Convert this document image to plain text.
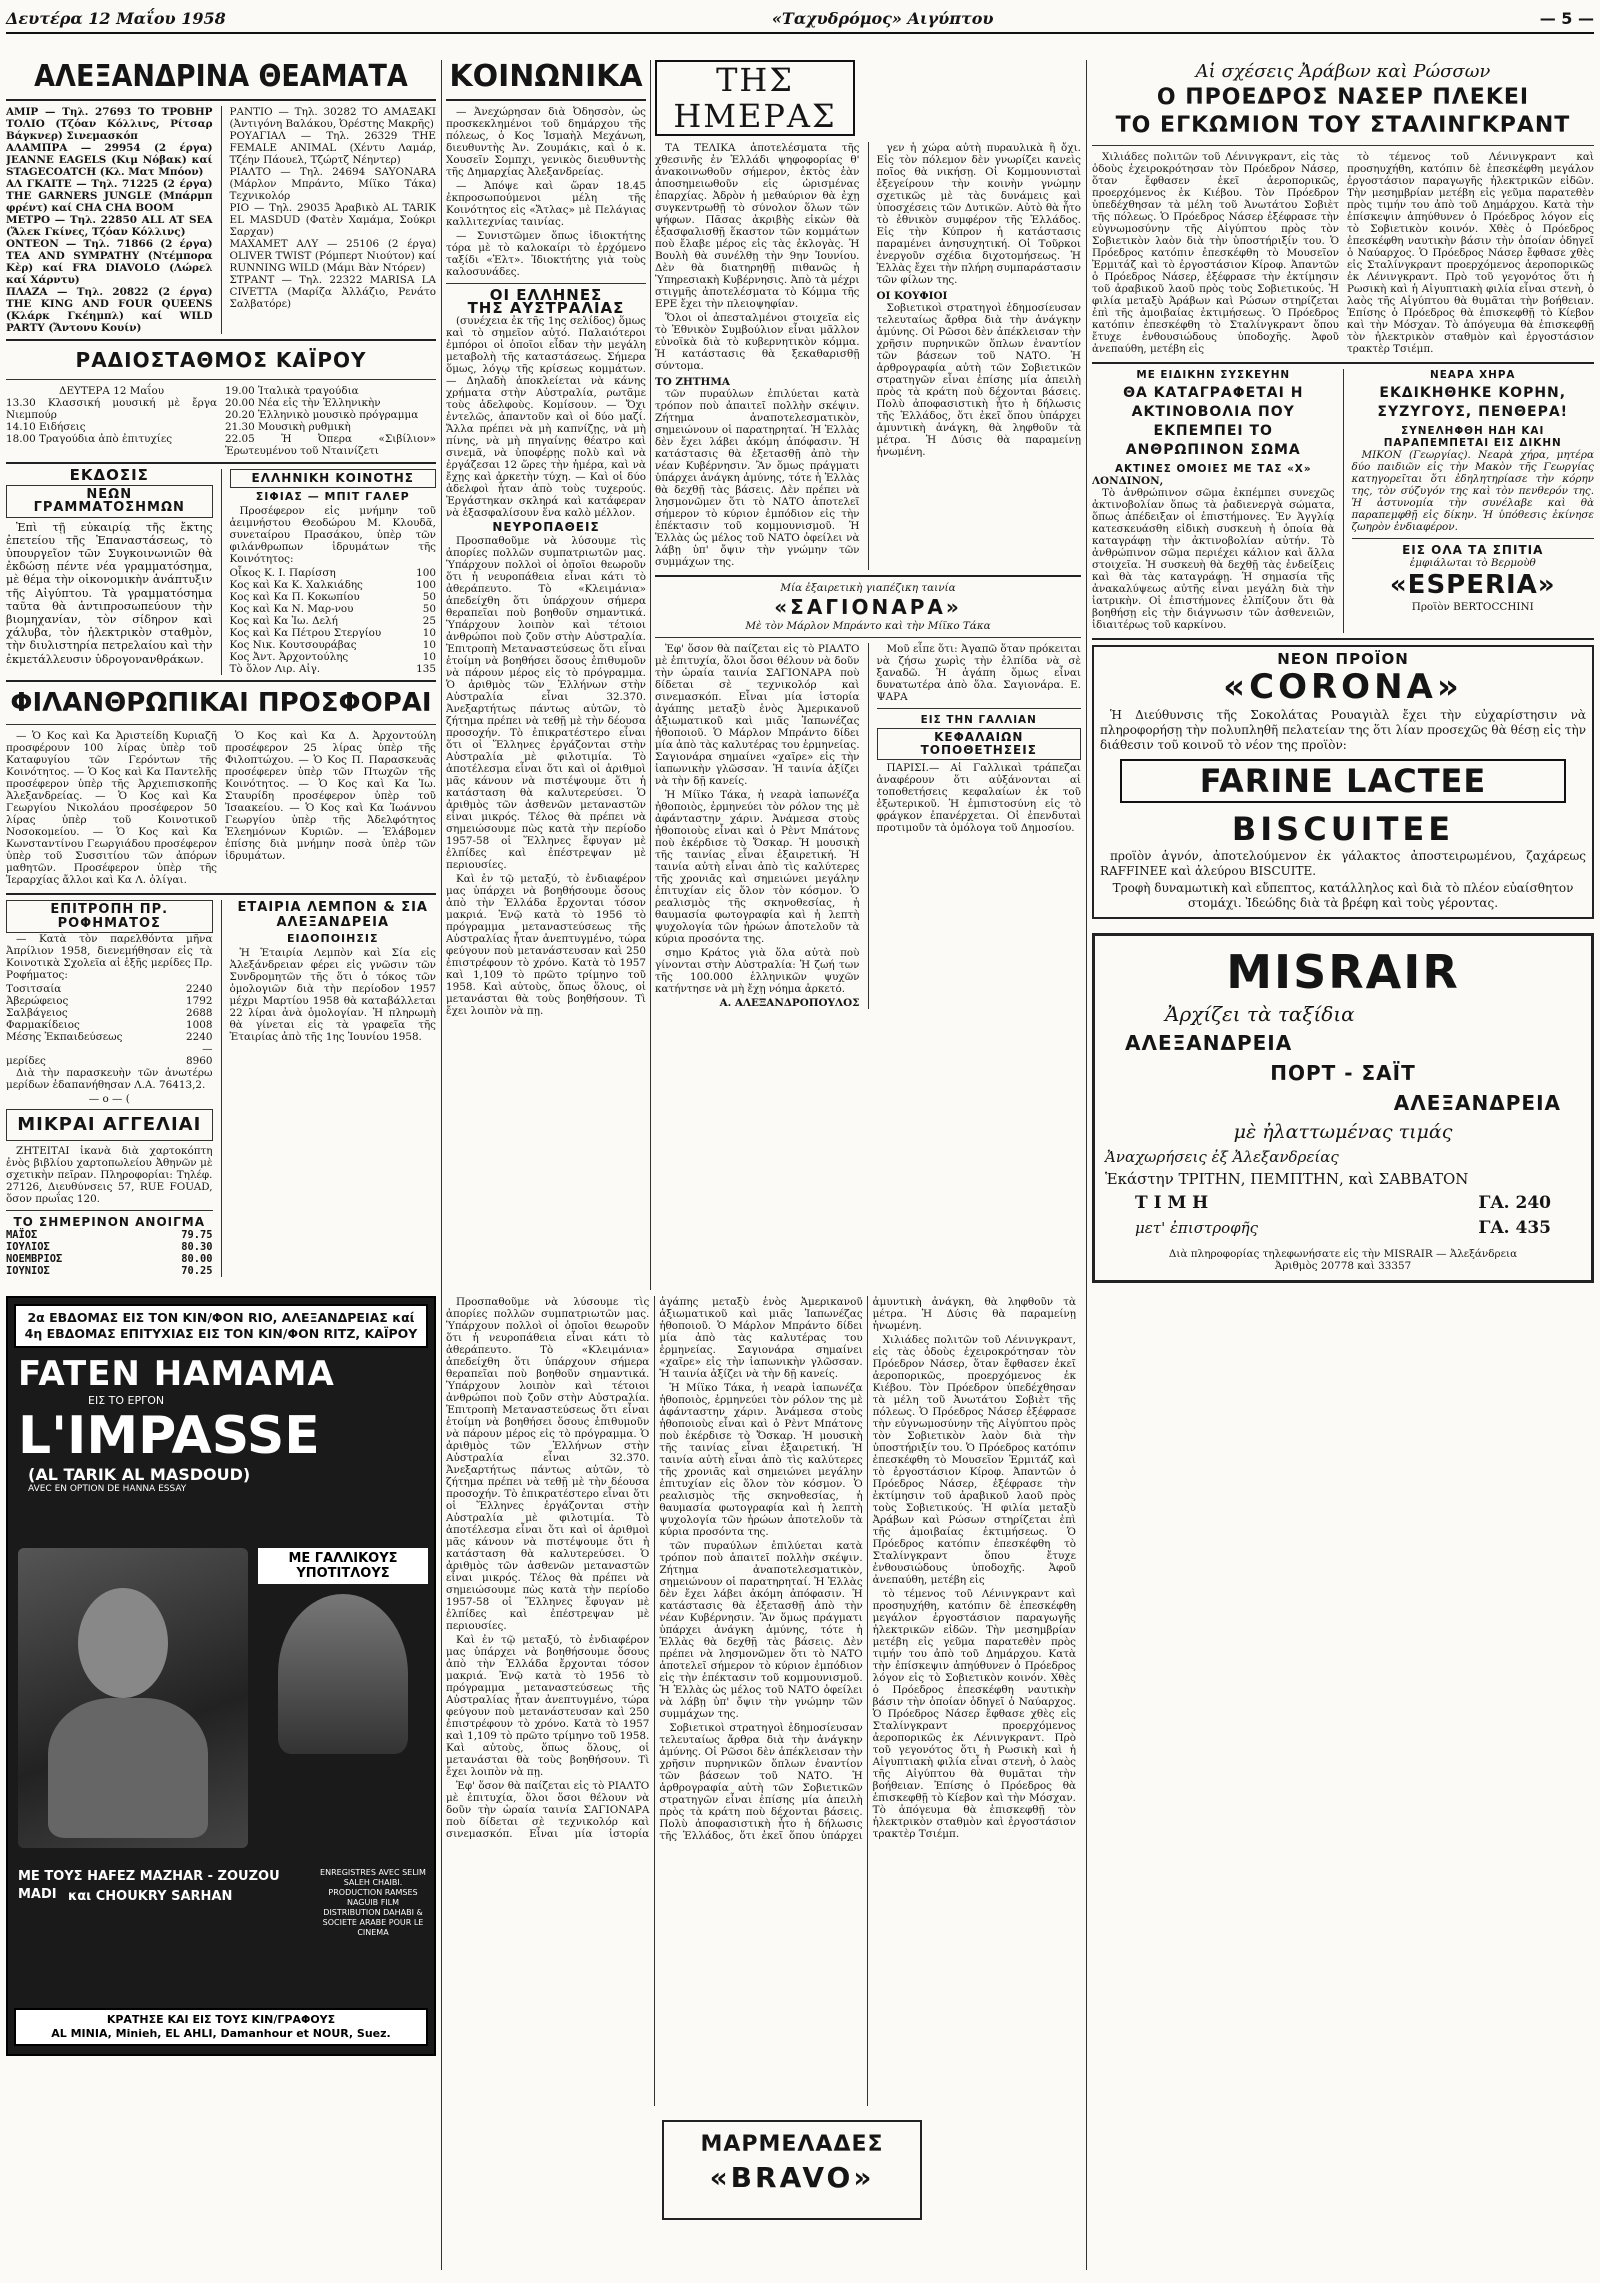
Δευτέρα 12 Μαΐου 1958	«Ταχυδρόμος» Αιγύπτου	— 5 —
ΑΛΕΞΑΝΔΡΙΝΑ ΘΕΑΜΑΤΑ
ΑΜΙΡ — Τηλ. 27693 ΤΟ ΤΡΟΒΗΡ ΤΟΛΙΟ (Τζόαν Κόλλινς, Ρίτσαρ Βάγκνερ) Σινεμασκόπ
ΑΛΑΜΠΡΑ — 29954 (2 έργα) JEANNE EAGELS (Κιμ Νόβακ) καί STAGECOATCH (Κλ. Ματ Μπόον)
ΑΛ ΓΚΑΙΤΕ — Τηλ. 71225 (2 έργα) THE GARNERS JUNGLE (Μπάρμπ φρέντ) καί CHA CHA BOOM
ΜΕΤΡΟ — Τηλ. 22850 ALL AT SEA (Ἄλεκ Γκίνες, Τζόαν Κόλλινς)
ΟΝΤΕΟΝ — Τηλ. 71866 (2 έργα) TEA AND SYMPATHY (Ντέμπορα Κὲρ) καί FRA DIAVOLO (Λώρελ καί Χάρντυ)
ΠΛΑΖΑ — Τηλ. 20822 (2 έργα) THE KING AND FOUR QUEENS (Κλάρκ Γκέημπλ) καί WILD PARTY (Ἄντονυ Κουίν)
ΡΑΝΤΙΟ — Τηλ. 30282 ΤΟ ΑΜΑΞΑΚΙ (Ἀντιγόνη Βαλάκου, Ὀρέστης Μακρῆς)
ΡΟΥΑΓΙΑΛ — Τηλ. 26329 THE FEMALE ANIMAL (Χέντυ Λαμάρ, Τζέην Πάουελ, Τζώρτζ Νέηντερ)
ΡΙΑΛΤΟ — Τηλ. 24694 SAYONARA (Μάρλον Μπράντο, Μίϊκο Τάκα) Τεχνικολόρ
ΡΙΟ — Τηλ. 29035 Ἀραβικὸ AL TARIK EL MASDUD (Φατὲν Χαμάμα, Σούκρι Σαρχαν)
ΜΑΧΑΜΕΤ ΑΛΥ — 25106 (2 έργα) OLIVER TWIST (Ρόμπερτ Νιούτον) καί RUNNING WILD (Μάμι Βὰν Ντόρεν)
ΣΤΡΑΝΤ — Τηλ. 22322 MARISA LA CIVETTA (Μαρίζα Ἀλλάζιο, Ρενάτο Σαλβατόρε)
ΡΑΔΙΟΣΤΑΘΜΟΣ ΚΑΪΡΟΥ
ΔΕΥΤΕΡΑ 12 Μαΐου
13.30 Κλασσική μουσική μὲ ἔργα Νιεμπούρ
14.10 Ειδήσεις
18.00 Τραγούδια ἀπὸ ἐπιτυχίες
19.00 Ἰταλικὰ τραγούδια
20.00 Νέα εἰς τὴν Ἑλληνικὴν
20.20 Ἑλληνικὸ μουσικὸ πρόγραμμα
21.30 Μουσικὴ ρυθμικὴ
22.05 Ἡ Ὀπερα «Σιβίλιον» Ἑρωτευμένου τοῦ Νταινίζετι
ΕΚΔΟΣΙΣ
ΝΕΩΝ ΓΡΑΜΜΑΤΟΣΗΜΩΝ
Ἐπὶ τῇ εὐκαιρίᾳ τῆς ἔκτης ἐπετείου τῆς Ἐπαναστάσεως, τὸ ὑπουργεῖον τῶν Συγκοινωνιῶν θὰ ἐκδώσῃ πέντε νέα γραμματόσημα, μὲ θέμα τὴν οἰκονομικὴν ἀνάπτυξιν τῆς Αἰγύπτου. Τὰ γραμματόσημα ταῦτα θὰ ἀντιπροσωπεύουν τὴν βιομηχανίαν, τὸν σίδηρον καὶ χάλυβα, τὸν ἠλεκτρικὸν σταθμὸν, τὴν διυλιστηρία πετρελαίου καὶ τὴν ἐκμετάλλευσιν ὑδρογονανθράκων.
ΕΛΛΗΝΙΚΗ ΚΟΙΝΟΤΗΣ
ΣΙΦΙΑΣ — ΜΠΙΤ ΓΑΛΕΡ
Προσέφερον εἰς μνήμην τοῦ ἀειμνήστου Θεοδώρου Μ. Κλουδᾶ, συνεταίρου Πρασάκου, ὑπὲρ τῶν φιλάνθρωπων ἱδρυμάτων τῆς Κοινότητος:
Οἶκος Κ. Ι. Παρίσση	100
Κος καὶ Κα Κ. Χαλκιάδης	100
Κος καὶ Κα Π. Κοκωπίου	50
Κος καὶ Κα Ν. Μαρ-νου	50
Κος καὶ Κα Ἰω. Δελή	25
Κος καὶ Κα Πέτρου Στεργίου	10
Κος Νικ. Κουτσουράβας	10
Κος Ἀντ. Ἀρχοντούλης	10
Τὸ ὅλον Λιρ. Αἰγ.	135
ΦΙΛΑΝΘΡΩΠΙΚΑΙ ΠΡΟΣΦΟΡΑΙ
— Ὁ Κος καὶ Κα Ἀριστείδη Κυριαζῆ προσφέρουν 100 λίρας ὑπὲρ τοῦ Καταφυγίου τῶν Γερόντων τῆς Κοινότητος. — Ὁ Κος καὶ Κα Παντελῆς προσέφερον ὑπὲρ τῆς Ἀρχιεπισκοπῆς Ἀλεξανδρείας. — Ὁ Κος καὶ Κα Γεωργίου Νικολάου προσέφερον 50 λίρας ὑπὲρ τοῦ Κοινοτικοῦ Νοσοκομείου. — Ὁ Κος καὶ Κα Κωνσταντίνου Γεωργιάδου προσέφερον ὑπὲρ τοῦ Συσσιτίου τῶν ἀπόρων μαθητῶν. Προσέφερον ὑπὲρ τῆς Ἱεραρχίας ἄλλοι καὶ Κα Λ. ὀλίγαι.
Ὁ Κος καὶ Κα Δ. Ἀρχοντούλη προσέφερον 25 λίρας ὑπὲρ τῆς Φιλοπτώχου. — Ὁ Κος Π. Παρασκευᾶς προσέφερεν ὑπὲρ τῶν Πτωχῶν τῆς Κοινότητος. — Ὁ Κος καὶ Κα Ἰω. Σταυρίδη προσέφερον ὑπὲρ τοῦ Ἰσαακείου. — Ὁ Κος καὶ Κα Ἰωάννου Γεωργίου ὑπὲρ τῆς Ἀδελφότητος Ἐλεημόνων Κυριῶν. — Ἐλάβομεν ἐπίσης διὰ μνήμην ποσὰ ὑπὲρ τῶν ἱδρυμάτων.
ΕΠΙΤΡΟΠΗ ΠΡ. ΡΟΦΗΜΑΤΟΣ
— Κατὰ τὸν παρελθόντα μῆνα Ἀπρίλιον 1958, διενεμήθησαν εἰς τὰ Κοινοτικὰ Σχολεῖα αἱ ἑξῆς μερίδες Πρ. Ροφήματος:
Τοσιτσαία	2240
Ἀβερώφειος	1792
Σαλβάγειος	2688
Φαρμακίδειος	1008
Μέσης Ἐκπαιδεύσεως	2240
—
μερίδες	8960
Διὰ τὴν παρασκευὴν τῶν ἀνωτέρω μερίδων ἐδαπανήθησαν Λ.Α. 76413,2.
— ο — (
ΜΙΚΡΑΙ ΑΓΓΕΛΙΑΙ
ΖΗΤΕΙΤΑΙ ἱκανὰ διὰ χαρτοκόπτη ἐνὸς βιβλίου χαρτοπωλείου Ἀθηνῶν μὲ σχετικὴν πεῖραν. Πληροφορίαι: Τηλέφ. 27126, Διευθύνσεις 57, RUE FOUAD, ὅσον πρωΐας 120.
ΤΟ ΣΗΜΕΡΙΝΟΝ ΑΝΟΙΓΜΑ
ΜΑΪΟΣ	79.75
ΙΟΥΛΙΟΣ	80.30
ΝΟΕΜΒΡΙΟΣ	80.00
ΙΟΥΝΙΟΣ	70.25
ΕΤΑΙΡΙΑ ΛΕΜΠΟΝ & ΣΙΑ
ΑΛΕΞΑΝΔΡΕΙΑ
ΕΙΔΟΠΟΙΗΣΙΣ
Ἡ Ἑταιρία Λεμπὸν καὶ Σία εἰς Ἀλεξάνδρειαν φέρει εἰς γνῶσιν τῶν Συνδρομητῶν τῆς ὅτι ὁ τόκος τῶν ὁμολογιῶν διὰ τὴν περίοδον 1957 μέχρι Μαρτίου 1958 θὰ καταβάλλεται 22 λίραι ἀνὰ ὁμολογίαν. Ἡ πληρωμὴ θὰ γίνεται εἰς τὰ γραφεῖα τῆς Ἑταιρίας ἀπὸ τῆς 1ης Ἰουνίου 1958.
ΚΟΙΝΩΝΙΚΑ
— Ἀνεχώρησαν διὰ Ὀδησσὸν, ὡς προσκεκλημένοι τοῦ δημάρχου τῆς πόλεως, ὁ Κος Ἰσμαὴλ Μεχάνωη, διευθυντὴς Ἀν. Ζουμάκις, καὶ ὁ κ. Χουσεῖν Σομπχι, γενικὸς διευθυντὴς τῆς Δημαρχίας Ἀλεξανδρείας.
— Ἀπόψε καὶ ὥραν 18.45 ἐκπροσωπούμενοι μέλη τῆς Κοινότητος εἰς «Ἄτλας» μὲ Πελάγιας καλλιτεχνίας ταινίας.
— Συνιστῶμεν ὅπως ἰδιοκτήτης τόρα μὲ τὸ καλοκαίρι τὸ ἐρχόμενο ταξίδι «Ἐλτ». Ἰδιοκτήτης γιὰ τοὺς καλοσυνάδες.
ΟΙ ΕΛΛΗΝΕΣ
ΤΗΣ ΑΥΣΤΡΑΛΙΑΣ
(συνέχεια ἐκ τῆς 1ης σελίδος) ὅμως καὶ τὸ σημεῖον αὐτό. Παλαιότεροι ἐμπόροι οἱ ὁποῖοι εἶδαν τὴν μεγάλη μεταβολὴ τῆς καταστάσεως. Σήμερα ὅμως, λόγῳ τῆς κρίσεως κομμάτων. — Δηλαδὴ ἀποκλείεται νὰ κάνης χρήματα στὴν Αὐστραλία, ρωτᾶμε τοὺς ἀδελφοὺς. Κομίσουν. — Ὄχι ἐντελῶς, ἀπαντοῦν καὶ οἱ δύο μαζί. Ἄλλα πρέπει νὰ μὴ καπνίζῃς, νὰ μὴ πίνης, νὰ μὴ πηγαίνῃς θέατρο καὶ σινεμᾶ, νὰ ὑποφέρῃς πολὺ καὶ νὰ ἐργάζεσαι 12 ὥρες τὴν ἡμέρα, καὶ νὰ ἔχῃς καὶ ἀρκετὴν τύχη. — Καὶ οἱ δύο ἀδελφοὶ ἦταν ἀπὸ τοὺς τυχερούς. Ἐργάστηκαν σκληρά καὶ κατάφεραν νὰ ἐξασφαλίσουν ἕνα καλὸ μέλλον.
ΝΕΥΡΟΠΑΘΕΙΣ
Προσπαθοῦμε νὰ λύσουμε τὶς ἀπορίες πολλῶν συμπατριωτῶν μας. Ὑπάρχουν πολλοὶ οἱ ὁποῖοι θεωροῦν ὅτι ἡ νευροπάθεια εἶναι κάτι τὸ ἀθεράπευτο. Τὸ «Κλειμάνια» ἀπεδείχθη ὅτι ὑπάρχουν σήμερα θεραπεῖαι ποὺ βοηθοῦν σημαντικά. Ὑπάρχουν λοιπὸν καὶ τέτοιοι ἀνθρώποι ποὺ ζοῦν στὴν Αὐστραλία. Ἐπιτροπὴ Μεταναστεύσεως ὅτι εἶναι ἑτοίμη νὰ βοηθήσει ὅσους ἐπιθυμοῦν νὰ πάρουν μέρος εἰς τὸ πρόγραμμα. Ὁ ἀριθμὸς τῶν Ἑλλήνων στὴν Αὐστραλία εἶναι 32.370. Ἀνεξαρτήτως πάντως αὐτῶν, τὸ ζήτημα πρέπει νὰ τεθῇ μὲ τὴν δέουσα προσοχήν. Τὸ ἐπικρατέστερο εἶναι ὅτι οἱ Ἕλληνες ἐργάζονται στὴν Αὐστραλία μὲ φιλοτιμία. Τὸ ἀποτέλεσμα εἶναι ὅτι καὶ οἱ ἀριθμοὶ μᾶς κάνουν νὰ πιστέψουμε ὅτι ἡ κατάσταση θὰ καλυτερεύσει. Ὁ ἀριθμὸς τῶν ἀσθενῶν μεταναστῶν εἶναι μικρός. Τέλος θὰ πρέπει νὰ σημειώσουμε πὼς κατὰ τὴν περίοδο 1957-58 οἱ Ἕλληνες ἔφυγαν μὲ ἐλπίδες καὶ ἐπέστρεψαν μὲ περιουσίες.
Καὶ ἐν τῷ μεταξύ, τὸ ἐνδιαφέρον μας ὑπάρχει νὰ βοηθήσουμε ὅσους ἀπὸ τὴν Ἑλλάδα ἔρχονται τόσον μακριά. Ἐνῷ κατὰ τὸ 1956 τὸ πρόγραμμα μεταναστεύσεως τῆς Αὐστραλίας ἦταν ἀνεπτυγμένο, τώρα φεύγουν ποὺ μετανάστευσαν καὶ 250 ἐπιστρέφουν τὸ χρόνο. Κατὰ τὸ 1957 καὶ 1,109 τὸ πρῶτο τρίμηνο τοῦ 1958. Καὶ αὐτοὺς, ὅπως ὅλους, οἱ μετανάσται θὰ τοὺς βοηθήσουν. Τὶ ἔχει λοιπὸν νὰ πῃ.
ΤΗΣ ΗΜΕΡΑΣ
ΤΑ ΤΕΛΙΚΑ ἀποτελέσματα τῆς χθεσινῆς ἐν Ἑλλάδι ψηφοφορίας θ' ἀνακοινωθοῦν σήμερον, ἐκτὸς ἐὰν ἀποσημειωθοῦν εἰς ὡρισμένας ἐπαρχίας. Ἀδρὸν ἡ μεθαύριον θὰ ἐχῃ συγκεντρωθῇ τὸ σύνολον ὅλων τῶν ψήφων. Πᾶσας ἀκριβὴς εἰκὼν θὰ ἐξασφαλισθῇ ἕκαστον τῶν κομμάτων ποὺ ἔλαβε μέρος εἰς τὰς ἐκλογὰς. Ἡ Βουλὴ θὰ συνέλθῃ τὴν 9ην Ἰουνίου. Δὲν θὰ διατηρηθῇ πιθανῶς ἡ Ὑπηρεσιακὴ Κυβέρνησις. Ἀπὸ τὰ μέχρι στιγμῆς ἀποτελέσματα τὸ Κόμμα τῆς ΕΡΕ ἔχει τὴν πλειοψηφίαν.
Ὅλοι οἱ ἀπεσταλμένοι στοιχεῖα εἰς τὸ Ἐθνικὸν Συμβούλιον εἶναι μᾶλλον εὐνοϊκὰ διὰ τὸ κυβερνητικὸν κόμμα. Ἡ κατάστασις θὰ ξεκαθαρισθῇ σύντομα.
ΤΟ ΖΗΤΗΜΑ
τῶν πυραύλων ἐπιλύεται κατὰ τρόπον ποὺ ἀπαιτεῖ πολλὴν σκέψιν. Ζήτημα ἀναποτελεσματικὸν, σημειώνουν οἱ παρατηρηταί. Ἡ Ἑλλὰς δὲν ἔχει λάβει ἀκόμη ἀπόφασιν. Ἡ κατάστασις θὰ ἐξετασθῇ ἀπὸ τὴν νέαν Κυβέρνησιν. Ἂν ὅμως πράγματι ὑπάρχει ἀνάγκη ἀμύνης, τότε ἡ Ἑλλὰς θὰ δεχθῇ τὰς βάσεις. Δὲν πρέπει νὰ λησμονῶμεν ὅτι τὸ ΝΑΤΟ ἀποτελεῖ σήμερον τὸ κύριον ἐμπόδιον εἰς τὴν ἐπέκτασιν τοῦ κομμουνισμοῦ. Ἡ Ἑλλὰς ὡς μέλος τοῦ ΝΑΤΟ ὀφείλει νὰ λάβῃ ὑπ' ὄψιν τὴν γνώμην τῶν συμμάχων της.
γεν ἡ χώρα αὐτὴ πυραυλικὰ ἢ ὄχι. Εἰς τὸν πόλεμον δὲν γνωρίζει κανεὶς ποῖος θὰ νικήσῃ. Οἱ Κομμουνισταὶ ἐξεγείρουν τὴν κοινὴν γνώμην σχετικῶς μὲ τὰς δυνάμεις καὶ ὑποσχέσεις τῶν Δυτικῶν. Αὐτὸ θὰ ἦτο τὸ ἐθνικὸν συμφέρον τῆς Ἑλλάδος. Εἰς τὴν Κύπρον ἡ κατάστασις παραμένει ἀνησυχητική. Οἱ Τοῦρκοι ἐνεργοῦν σχέδια διχοτομήσεως. Ἡ Ἑλλὰς ἔχει τὴν πλήρη συμπαράστασιν τῶν φίλων της.
ΟΙ ΚΟΥΦΙΟΙ
Σοβιετικοὶ στρατηγοὶ ἐδημοσίευσαν τελευταίως ἄρθρα διὰ τὴν ἀνάγκην ἀμύνης. Οἱ Ρῶσοι δὲν ἀπέκλεισαν τὴν χρῆσιν πυρηνικῶν ὅπλων ἐναντίον τῶν βάσεων τοῦ ΝΑΤΟ. Ἡ ἀρθρογραφία αὐτὴ τῶν Σοβιετικῶν στρατηγῶν εἶναι ἐπίσης μία ἀπειλὴ πρὸς τὰ κράτη ποὺ δέχονται βάσεις. Πολὺ ἀποφασιστικὴ ἦτο ἡ δήλωσις τῆς Ἑλλάδος, ὅτι ἐκεῖ ὅπου ὑπάρχει ἀμυντικὴ ἀνάγκη, θὰ ληφθοῦν τὰ μέτρα. Ἡ Δύσις θὰ παραμείνῃ ἡνωμένη.
Μία ἐξαιρετικὴ γιαπέζικη ταινία
«ΣΑΓΙΟΝΑΡΑ»
Μὲ τὸν Μάρλον Μπράντο καὶ τὴν Μίϊκο Τάκα
Ἐφ' ὅσον θὰ παίζεται εἰς τὸ ΡΙΑΛΤΟ μὲ ἐπιτυχία, ὅλοι ὅσοι θέλουν νὰ δοῦν τὴν ὡραία ταινία ΣΑΓΙΟΝΑΡΑ ποὺ δίδεται σὲ τεχνικολόρ καὶ σινεμασκόπ. Εἶναι μία ἱστορία ἀγάπης μεταξὺ ἑνὸς Ἀμερικανοῦ ἀξιωματικοῦ καὶ μιᾶς Ἰαπωνέζας ἠθοποιοῦ. Ὁ Μάρλον Μπράντο δίδει μία ἀπὸ τὰς καλυτέρας του ἑρμηνείας. Σαγιονάρα σημαίνει «χαῖρε» εἰς τὴν ἰαπωνικὴν γλῶσσαν. Ἡ ταινία ἀξίζει νὰ τὴν δῇ κανείς.
Ἡ Μίϊκο Τάκα, ἡ νεαρὰ ἰαπωνέζα ἠθοποιὸς, ἐρμηνεύει τὸν ρόλον της μὲ ἀφάνταστην χάριν. Ἀνάμεσα στοὺς ἠθοποιοὺς εἶναι καὶ ὁ Ρὲντ Μπάτονς ποὺ ἐκέρδισε τὸ Ὄσκαρ. Ἡ μουσικὴ τῆς ταινίας εἶναι ἐξαιρετική. Ἡ ταινία αὐτὴ εἶναι ἀπὸ τὶς καλύτερες τῆς χρονιᾶς καὶ σημειώνει μεγάλην ἐπιτυχίαν εἰς ὅλον τὸν κόσμον. Ὁ ρεαλισμὸς τῆς σκηνοθεσίας, ἡ θαυμασία φωτογραφία καὶ ἡ λεπτὴ ψυχολογία τῶν ἡρώων ἀποτελοῦν τὰ κύρια προσόντα της.
σημο Κράτος γιὰ ὅλα αὐτὰ ποὺ γίνονται στὴν Αὐστραλία: Ἡ ζωή των τῆς 100.000 ἑλληνικῶν ψυχῶν κατήντησε νὰ μὴ ἔχῃ νόημα ἀρκετό.
Α. ΑΛΕΞΑΝΔΡΟΠΟΥΛΟΣ
Μοῦ εἶπε ὅτι: Ἀγαπῶ ὅταν πρόκειται νὰ ζήσω χωρὶς τὴν ἐλπίδα νὰ σὲ ξαναδῶ. Ἡ ἀγάπη ὅμως εἶναι δυνατωτέρα ἀπὸ ὅλα. Σαγιονάρα. Ε. ΨΑΡΑ
ΕΙΣ ΤΗΝ ΓΑΛΛΙΑΝ
ΚΕΦΑΛΑΙΩΝ ΤΟΠΟΘΕΤΗΣΕΙΣ
ΠΑΡΙΣΙ.— Αἱ Γαλλικαὶ τράπεζαι ἀναφέρουν ὅτι αὐξάνονται αἱ τοποθετήσεις κεφαλαίων ἐκ τοῦ ἐξωτερικοῦ. Ἡ ἐμπιστοσύνη εἰς τὸ φράγκον ἐπανέρχεται. Οἱ ἐπενδυταὶ προτιμοῦν τὰ ὁμόλογα τοῦ Δημοσίου.
Αἱ σχέσεις Ἀράβων καὶ Ρώσσων
Ο ΠΡΟΕΔΡΟΣ ΝΑΣΕΡ ΠΛΕΚΕΙ
ΤΟ ΕΓΚΩΜΙΟΝ ΤΟΥ ΣΤΑΛΙΝΓΚΡΑΝΤ
Χιλιάδες πολιτῶν τοῦ Λένινγκραντ, εἰς τὰς ὁδοὺς ἐχειροκρότησαν τὸν Πρόεδρον Νάσερ, ὅταν ἔφθασεν ἐκεῖ ἀεροπορικῶς, προερχόμενος ἐκ Κιέβου. Τὸν Πρόεδρον ὑπεδέχθησαν τὰ μέλη τοῦ Ἀνωτάτου Σοβιὲτ τῆς πόλεως. Ὁ Πρόεδρος Νάσερ ἐξέφρασε τὴν εὐγνωμοσύνην τῆς Αἰγύπτου πρὸς τὸν Σοβιετικὸν λαὸν διὰ τὴν ὑποστήριξίν του. Ὁ Πρόεδρος κατόπιν ἐπεσκέφθη τὸ Μουσεῖον Ἐρμιτάζ καὶ τὸ ἐργοστάσιον Κίροφ. Ἀπαντῶν ὁ Πρόεδρος Νάσερ, ἐξέφρασε τὴν ἐκτίμησιν τοῦ ἀραβικοῦ λαοῦ πρὸς τοὺς Σοβιετικούς. Ἡ φιλία μεταξὺ Ἀράβων καὶ Ρώσων στηρίζεται ἐπὶ τῆς ἀμοιβαίας ἐκτιμήσεως. Ὁ Πρόεδρος κατόπιν ἐπεσκέφθη τὸ Σταλίνγκραντ ὅπου ἔτυχε ἐνθουσιώδους ὑποδοχῆς. Ἀφοῦ ἀνεπαύθη, μετέβη εἰς
τὸ τέμενος τοῦ Λένινγκραντ καὶ προσηυχήθη, κατόπιν δὲ ἐπεσκέφθη μεγάλον ἐργοστάσιον παραγωγῆς ἠλεκτρικῶν εἰδῶν. Τὴν μεσημβρίαν μετέβη εἰς γεῦμα παρατεθὲν πρὸς τιμήν του ἀπὸ τοῦ Δημάρχου. Κατὰ τὴν ἐπίσκεψιν ἀπηύθυνεν ὁ Πρόεδρος λόγον εἰς τὸ Σοβιετικὸν κοινόν. Χθὲς ὁ Πρόεδρος ἐπεσκέφθη ναυτικὴν βάσιν τὴν ὁποίαν ὁδηγεῖ ὁ Ναύαρχος. Ὁ Πρόεδρος Νάσερ ἔφθασε χθὲς εἰς Σταλίνγκραντ προερχόμενος ἀεροπορικῶς ἐκ Λένινγκραντ. Πρὸ τοῦ γεγονότος ὅτι ἡ Ρωσικὴ καὶ ἡ Αἰγυπτιακὴ φιλία εἶναι στενὴ, ὁ λαὸς τῆς Αἰγύπτου θὰ θυμᾶται τὴν βοήθειαν. Ἐπίσης ὁ Πρόεδρος θὰ ἐπισκεφθῇ τὸ Κίεβον καὶ τὴν Μόσχαν. Τὸ ἀπόγευμα θὰ ἐπισκεφθῇ τὸν ἠλεκτρικὸν σταθμὸν καὶ ἐργοστάσιον τρακτὲρ Τσιέμπ.
ΜΕ ΕΙΔΙΚΗΝ ΣΥΣΚΕΥΗΝ
ΘΑ ΚΑΤΑΓΡΑΦΕΤΑΙ Η ΑΚΤΙΝΟΒΟΛΙΑ ΠΟΥ ΕΚΠΕΜΠΕΙ ΤΟ ΑΝΘΡΩΠΙΝΟΝ ΣΩΜΑ
ΑΚΤΙΝΕΣ ΟΜΟΙΕΣ ΜΕ ΤΑΣ «Χ»
ΛΟΝΔΙΝΟΝ,
Τὸ ἀνθρώπινον σῶμα ἐκπέμπει συνεχῶς ἀκτινοβολίαν ὅπως τὰ ῥαδιενεργὰ σώματα, ὅπως ἀπέδειξαν οἱ ἐπιστήμονες. Ἐν Ἀγγλίᾳ κατεσκευάσθη εἰδικὴ συσκευὴ ἡ ὁποία θὰ καταγράφῃ τὴν ἀκτινοβολίαν αὐτήν. Τὸ ἀνθρώπινον σῶμα περιέχει κάλιον καὶ ἄλλα στοιχεῖα. Ἡ συσκευὴ θὰ δεχθῇ τὰς ἐνδείξεις καὶ θὰ τὰς καταγράφῃ. Ἡ σημασία τῆς ἀνακαλύψεως αὐτῆς εἶναι μεγάλη διὰ τὴν ἰατρικὴν. Οἱ ἐπιστήμονες ἐλπίζουν ὅτι θὰ βοηθήσῃ εἰς τὴν διάγνωσιν τῶν ἀσθενειῶν, ἰδιαιτέρως τοῦ καρκίνου.
ΝΕΑΡΑ ΧΗΡΑ
ΕΚΔΙΚΗΘΗΚΕ ΚΟΡΗΝ, ΣΥΖΥΓΟΥΣ, ΠΕΝΘΕΡΑ!
ΣΥΝΕΛΗΦΘΗ ΗΔΗ ΚΑΙ ΠΑΡΑΠΕΜΠΕΤΑΙ ΕΙΣ ΔΙΚΗΝ
ΜΙΚΟΝ (Γεωργίας). Νεαρὰ χήρα, μητέρα δύο παιδιῶν εἰς τὴν Μακὸν τῆς Γεωργίας κατηγορεῖται ὅτι ἐδηλητηρίασε τὴν κόρην της, τὸν σύζυγόν της καὶ τὸν πενθερόν της. Ἡ ἀστυνομία τὴν συνέλαβε καὶ θὰ παραπεμφθῇ εἰς δίκην. Ἡ ὑπόθεσις ἐκίνησε ζωηρὸν ἐνδιαφέρον.
ΕΙΣ ΟΛΑ ΤΑ ΣΠΙΤΙΑ
ἐμφιάλωται τὸ Βερμοὺθ
«ESPERIA»
Προϊὸν BERTOCCHINI
ΝΕΟΝ ΠΡΟΪΟΝ
«CORONA»
Ἡ Διεύθυνσις τῆς Σοκολάτας Ρουαγιὰλ ἔχει τὴν εὐχαρίστησιν νὰ πληροφορήσῃ τὴν πολυπληθῆ πελατείαν της ὅτι λίαν προσεχῶς θὰ θέσῃ εἰς τὴν διάθεσιν τοῦ κοινοῦ τὸ νέον της προϊὸν:
FARINE LACTEE
BISCUITEE
προϊὸν ἁγνόν, ἀποτελούμενον ἐκ γάλακτος ἀποστειρωμένου, ζαχάρεως RAFFINEE καὶ ἀλεύρου BISCUITE.
Τροφὴ δυναμωτικὴ καὶ εὔπεπτος, κατάλληλος καὶ διὰ τὸ πλέον εὐαίσθητον στομάχι. Ἰδεώδης διὰ τὰ βρέφη καὶ τοὺς γέροντας.
MISRAIR
Ἀρχίζει τὰ ταξίδια
ΑΛΕΞΑΝΔΡΕΙΑ
ΠΟΡΤ - ΣΑΪΤ
ΑΛΕΞΑΝΔΡΕΙΑ
μὲ ἠλαττωμένας τιμάς
Ἀναχωρήσεις ἐξ Ἀλεξανδρείας
Ἑκάστην ΤΡΙΤΗΝ, ΠΕΜΠΤΗΝ, καὶ ΣΑΒΒΑΤΟΝ
Τ Ι Μ Η	ΓΑ. 240
μετ' ἐπιστροφῆς	ΓΑ. 435
Διὰ πληροφορίας τηλεφωνήσατε εἰς τὴν MISRAIR — Ἀλεξάνδρεια
Ἀριθμὸς 20778 καὶ 33357
2α ΕΒΔΟΜΑΣ ΕΙΣ ΤΟΝ ΚΙΝ/ΦΟΝ RIO, ΑΛΕΞΑΝΔΡΕΙΑΣ καί 4η ΕΒΔΟΜΑΣ ΕΠΙΤΥΧΙΑΣ ΕΙΣ ΤΟΝ ΚΙΝ/ΦΟΝ RITZ, ΚΑΪΡΟΥ
FATEN HAMAMA
ΕΙΣ ΤΟ ΕΡΓΟΝ
L'IMPASSE
(AL TARIK AL MASDOUD)
AVEC EN OPTION DE HANNA ESSAY
ΜΕ ΓΑΛΛΙΚΟΥΣ ΥΠΟΤΙΤΛΟΥΣ
ΜΕ ΤΟΥΣ HAFEZ MAZHAR - ZOUZOU MADI και CHOUKRY SARHAN
ENREGISTRES AVEC SELIM SALEH CHAIBI. PRODUCTION RAMSES NAGUIB FILM DISTRIBUTION DAHABI & SOCIETE ARABE POUR LE CINEMA
ΚΡΑΤΗΣΕ ΚΑΙ ΕΙΣ ΤΟΥΣ ΚΙΝ/ΓΡΑΦΟΥΣ
AL MINIA, Minieh, EL AHLI, Damanhour et NOUR, Suez.
ΜΑΡΜΕΛΑΔΕΣ
«BRAVO»
Προσπαθοῦμε νὰ λύσουμε τὶς ἀπορίες πολλῶν συμπατριωτῶν μας. Ὑπάρχουν πολλοὶ οἱ ὁποῖοι θεωροῦν ὅτι ἡ νευροπάθεια εἶναι κάτι τὸ ἀθεράπευτο. Τὸ «Κλειμάνια» ἀπεδείχθη ὅτι ὑπάρχουν σήμερα θεραπεῖαι ποὺ βοηθοῦν σημαντικά. Ὑπάρχουν λοιπὸν καὶ τέτοιοι ἀνθρώποι ποὺ ζοῦν στὴν Αὐστραλία. Ἐπιτροπὴ Μεταναστεύσεως ὅτι εἶναι ἑτοίμη νὰ βοηθήσει ὅσους ἐπιθυμοῦν νὰ πάρουν μέρος εἰς τὸ πρόγραμμα. Ὁ ἀριθμὸς τῶν Ἑλλήνων στὴν Αὐστραλία εἶναι 32.370. Ἀνεξαρτήτως πάντως αὐτῶν, τὸ ζήτημα πρέπει νὰ τεθῇ μὲ τὴν δέουσα προσοχήν. Τὸ ἐπικρατέστερο εἶναι ὅτι οἱ Ἕλληνες ἐργάζονται στὴν Αὐστραλία μὲ φιλοτιμία. Τὸ ἀποτέλεσμα εἶναι ὅτι καὶ οἱ ἀριθμοὶ μᾶς κάνουν νὰ πιστέψουμε ὅτι ἡ κατάσταση θὰ καλυτερεύσει. Ὁ ἀριθμὸς τῶν ἀσθενῶν μεταναστῶν εἶναι μικρός. Τέλος θὰ πρέπει νὰ σημειώσουμε πὼς κατὰ τὴν περίοδο 1957-58 οἱ Ἕλληνες ἔφυγαν μὲ ἐλπίδες καὶ ἐπέστρεψαν μὲ περιουσίες.
Καὶ ἐν τῷ μεταξύ, τὸ ἐνδιαφέρον μας ὑπάρχει νὰ βοηθήσουμε ὅσους ἀπὸ τὴν Ἑλλάδα ἔρχονται τόσον μακριά. Ἐνῷ κατὰ τὸ 1956 τὸ πρόγραμμα μεταναστεύσεως τῆς Αὐστραλίας ἦταν ἀνεπτυγμένο, τώρα φεύγουν ποὺ μετανάστευσαν καὶ 250 ἐπιστρέφουν τὸ χρόνο. Κατὰ τὸ 1957 καὶ 1,109 τὸ πρῶτο τρίμηνο τοῦ 1958. Καὶ αὐτοὺς, ὅπως ὅλους, οἱ μετανάσται θὰ τοὺς βοηθήσουν. Τὶ ἔχει λοιπὸν νὰ πῃ.
Ἐφ' ὅσον θὰ παίζεται εἰς τὸ ΡΙΑΛΤΟ μὲ ἐπιτυχία, ὅλοι ὅσοι θέλουν νὰ δοῦν τὴν ὡραία ταινία ΣΑΓΙΟΝΑΡΑ ποὺ δίδεται σὲ τεχνικολόρ καὶ σινεμασκόπ. Εἶναι μία ἱστορία ἀγάπης μεταξὺ ἑνὸς Ἀμερικανοῦ ἀξιωματικοῦ καὶ μιᾶς Ἰαπωνέζας ἠθοποιοῦ. Ὁ Μάρλον Μπράντο δίδει μία ἀπὸ τὰς καλυτέρας του ἑρμηνείας. Σαγιονάρα σημαίνει «χαῖρε» εἰς τὴν ἰαπωνικὴν γλῶσσαν. Ἡ ταινία ἀξίζει νὰ τὴν δῇ κανείς.
Ἡ Μίϊκο Τάκα, ἡ νεαρὰ ἰαπωνέζα ἠθοποιὸς, ἐρμηνεύει τὸν ρόλον της μὲ ἀφάνταστην χάριν. Ἀνάμεσα στοὺς ἠθοποιοὺς εἶναι καὶ ὁ Ρὲντ Μπάτονς ποὺ ἐκέρδισε τὸ Ὄσκαρ. Ἡ μουσικὴ τῆς ταινίας εἶναι ἐξαιρετική. Ἡ ταινία αὐτὴ εἶναι ἀπὸ τὶς καλύτερες τῆς χρονιᾶς καὶ σημειώνει μεγάλην ἐπιτυχίαν εἰς ὅλον τὸν κόσμον. Ὁ ρεαλισμὸς τῆς σκηνοθεσίας, ἡ θαυμασία φωτογραφία καὶ ἡ λεπτὴ ψυχολογία τῶν ἡρώων ἀποτελοῦν τὰ κύρια προσόντα της.
τῶν πυραύλων ἐπιλύεται κατὰ τρόπον ποὺ ἀπαιτεῖ πολλὴν σκέψιν. Ζήτημα ἀναποτελεσματικὸν, σημειώνουν οἱ παρατηρηταί. Ἡ Ἑλλὰς δὲν ἔχει λάβει ἀκόμη ἀπόφασιν. Ἡ κατάστασις θὰ ἐξετασθῇ ἀπὸ τὴν νέαν Κυβέρνησιν. Ἂν ὅμως πράγματι ὑπάρχει ἀνάγκη ἀμύνης, τότε ἡ Ἑλλὰς θὰ δεχθῇ τὰς βάσεις. Δὲν πρέπει νὰ λησμονῶμεν ὅτι τὸ ΝΑΤΟ ἀποτελεῖ σήμερον τὸ κύριον ἐμπόδιον εἰς τὴν ἐπέκτασιν τοῦ κομμουνισμοῦ. Ἡ Ἑλλὰς ὡς μέλος τοῦ ΝΑΤΟ ὀφείλει νὰ λάβῃ ὑπ' ὄψιν τὴν γνώμην τῶν συμμάχων της.
Σοβιετικοὶ στρατηγοὶ ἐδημοσίευσαν τελευταίως ἄρθρα διὰ τὴν ἀνάγκην ἀμύνης. Οἱ Ρῶσοι δὲν ἀπέκλεισαν τὴν χρῆσιν πυρηνικῶν ὅπλων ἐναντίον τῶν βάσεων τοῦ ΝΑΤΟ. Ἡ ἀρθρογραφία αὐτὴ τῶν Σοβιετικῶν στρατηγῶν εἶναι ἐπίσης μία ἀπειλὴ πρὸς τὰ κράτη ποὺ δέχονται βάσεις. Πολὺ ἀποφασιστικὴ ἦτο ἡ δήλωσις τῆς Ἑλλάδος, ὅτι ἐκεῖ ὅπου ὑπάρχει ἀμυντικὴ ἀνάγκη, θὰ ληφθοῦν τὰ μέτρα. Ἡ Δύσις θὰ παραμείνῃ ἡνωμένη.
Χιλιάδες πολιτῶν τοῦ Λένινγκραντ, εἰς τὰς ὁδοὺς ἐχειροκρότησαν τὸν Πρόεδρον Νάσερ, ὅταν ἔφθασεν ἐκεῖ ἀεροπορικῶς, προερχόμενος ἐκ Κιέβου. Τὸν Πρόεδρον ὑπεδέχθησαν τὰ μέλη τοῦ Ἀνωτάτου Σοβιὲτ τῆς πόλεως. Ὁ Πρόεδρος Νάσερ ἐξέφρασε τὴν εὐγνωμοσύνην τῆς Αἰγύπτου πρὸς τὸν Σοβιετικὸν λαὸν διὰ τὴν ὑποστήριξίν του. Ὁ Πρόεδρος κατόπιν ἐπεσκέφθη τὸ Μουσεῖον Ἐρμιτάζ καὶ τὸ ἐργοστάσιον Κίροφ. Ἀπαντῶν ὁ Πρόεδρος Νάσερ, ἐξέφρασε τὴν ἐκτίμησιν τοῦ ἀραβικοῦ λαοῦ πρὸς τοὺς Σοβιετικούς. Ἡ φιλία μεταξὺ Ἀράβων καὶ Ρώσων στηρίζεται ἐπὶ τῆς ἀμοιβαίας ἐκτιμήσεως. Ὁ Πρόεδρος κατόπιν ἐπεσκέφθη τὸ Σταλίνγκραντ ὅπου ἔτυχε ἐνθουσιώδους ὑποδοχῆς. Ἀφοῦ ἀνεπαύθη, μετέβη εἰς
τὸ τέμενος τοῦ Λένινγκραντ καὶ προσηυχήθη, κατόπιν δὲ ἐπεσκέφθη μεγάλον ἐργοστάσιον παραγωγῆς ἠλεκτρικῶν εἰδῶν. Τὴν μεσημβρίαν μετέβη εἰς γεῦμα παρατεθὲν πρὸς τιμήν του ἀπὸ τοῦ Δημάρχου. Κατὰ τὴν ἐπίσκεψιν ἀπηύθυνεν ὁ Πρόεδρος λόγον εἰς τὸ Σοβιετικὸν κοινόν. Χθὲς ὁ Πρόεδρος ἐπεσκέφθη ναυτικὴν βάσιν τὴν ὁποίαν ὁδηγεῖ ὁ Ναύαρχος. Ὁ Πρόεδρος Νάσερ ἔφθασε χθὲς εἰς Σταλίνγκραντ προερχόμενος ἀεροπορικῶς ἐκ Λένινγκραντ. Πρὸ τοῦ γεγονότος ὅτι ἡ Ρωσικὴ καὶ ἡ Αἰγυπτιακὴ φιλία εἶναι στενὴ, ὁ λαὸς τῆς Αἰγύπτου θὰ θυμᾶται τὴν βοήθειαν. Ἐπίσης ὁ Πρόεδρος θὰ ἐπισκεφθῇ τὸ Κίεβον καὶ τὴν Μόσχαν. Τὸ ἀπόγευμα θὰ ἐπισκεφθῇ τὸν ἠλεκτρικὸν σταθμὸν καὶ ἐργοστάσιον τρακτὲρ Τσιέμπ.
